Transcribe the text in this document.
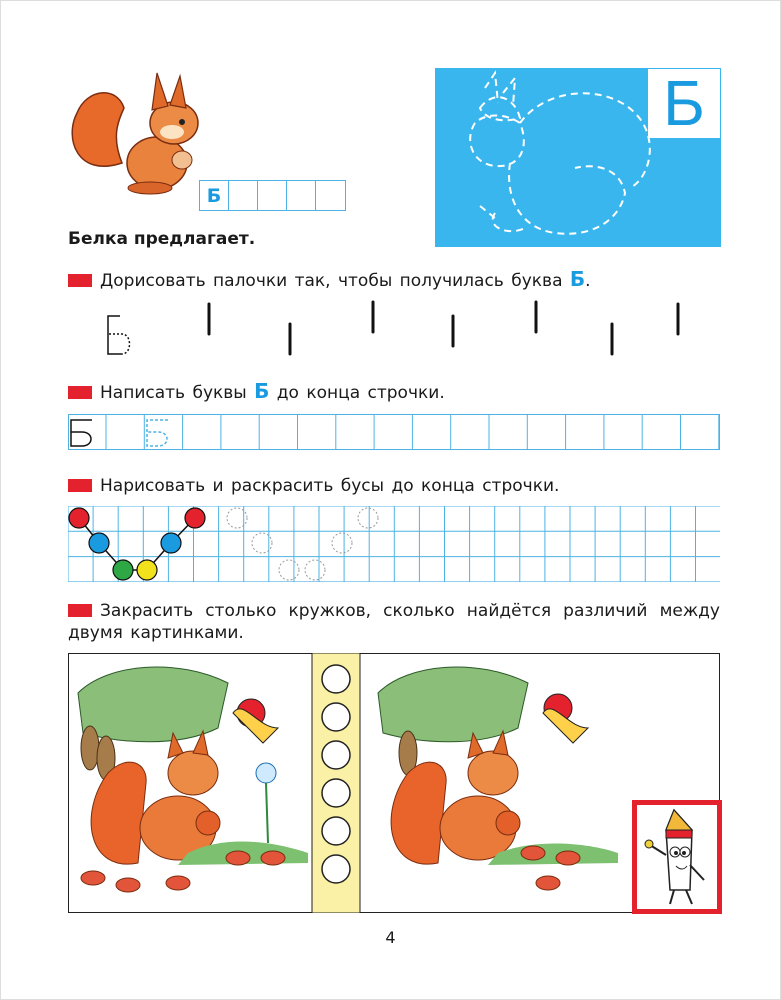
Б
Б
Белка предлагает.
Дорисовать палочки так, чтобы получилась буква Б.
Написать буквы Б до конца строчки.
Нарисовать и раскрасить бусы до конца строчки.
Закрасить столько кружков, сколько найдётся различий между двумя картинками.
4
